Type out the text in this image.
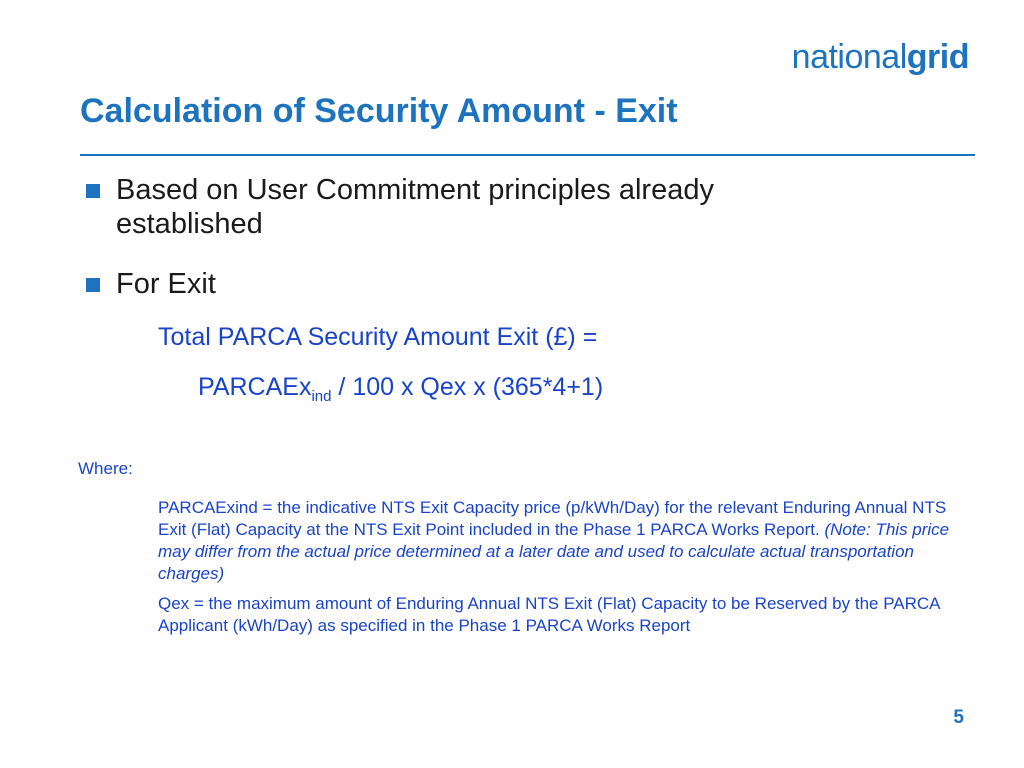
nationalgrid
Calculation of Security Amount - Exit
Based on User Commitment principles already established
For Exit
Total PARCA Security Amount Exit (£) =
PARCAEx$_{ind}$ / 100 x Qex x (365*4+1)
Where:
PARCAExind = the indicative NTS Exit Capacity price (p/kWh/Day) for the relevant Enduring Annual NTS Exit (Flat) Capacity at the NTS Exit Point included in the Phase 1 PARCA Works Report. (Note: This price may differ from the actual price determined at a later date and used to calculate actual transportation charges)
Qex = the maximum amount of Enduring Annual NTS Exit (Flat) Capacity to be Reserved by the PARCA Applicant (kWh/Day) as specified in the Phase 1 PARCA Works Report
5
